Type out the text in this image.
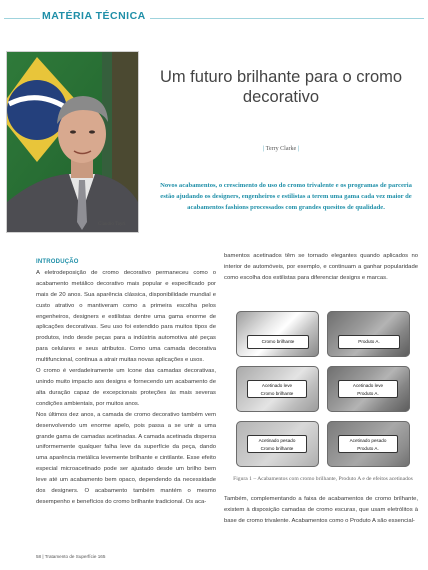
MATÉRIA TÉCNICA
Claudio Tayri
Um futuro brilhante para o cromo decorativo
| Terry Clarke |
Novos acabamentos, o crescimento do uso do cromo trivalente e os programas de parceria estão ajudando os designers, engenheiros e estilistas a terem uma gama cada vez maior de acabamentos fashions processados com grandes quesitos de qualidade.

INTRODUÇÃO

A eletrodeposição de cromo decorativo permaneceu como o acabamento metálico decorativo mais popular e especificado por mais de 20 anos. Sua aparência clássica, disponibilidade mundial e custo atrativo o mantiveram como a primeira escolha pelos engenheiros, designers e estilistas dentre uma gama enorme de aplicações decorativas. Seu uso foi estendido para muitos tipos de produtos, indo desde peças para a indústria automotiva até peças para celulares e seus atributos. Como uma camada decorativa multifuncional, continua a atrair muitas novas aplicações e usos.

O cromo é verdadeiramente um ícone das camadas decorativas, unindo muito impacto aos designs e fornecendo um acabamento de alta duração capaz de excepcionais proteções às mais severas condições ambientais, por muitos anos.

Nos últimos dez anos, a camada de cromo decorativo também vem desenvolvendo um enorme apelo, pois passa a se unir a uma grande gama de camadas acetinadas. A camada acetinada dispersa uniformemente qualquer falha leve da superfície da peça, dando uma aparência metálica levemente brilhante e cintilante. Esse efeito especial microacetinado pode ser ajustado desde um brilho bem leve até um acabamento bem opaco, dependendo da necessidade dos designers. O acabamento também mantém o mesmo desempenho e benefícios do cromo brilhante tradicional. Os aca-

bamentos acetinados têm se tornado elegantes quando aplicados no interior de automóveis, por exemplo, e continuam a ganhar popularidade como escolha dos estilistas para diferenciar designs e marcas.

Cromo brilhante	Produto A.
Acetinado leve
Cromo brilhante
Acetinado leve
Produto A.
Acetinado pesado
Cromo brilhante
Acetinado pesado
Produto A.
Figura 1 – Acabamentos com cromo brilhante, Produto A e de efeitos acetinados

Também, complementando a faixa de acabamentos de cromo brilhante, existem à disposição camadas de cromo escuras, que usam eletrólitos à base de cromo trivalente. Acabamentos como o Produto A são essencial-

58 | Tratamento de Superfície 165
